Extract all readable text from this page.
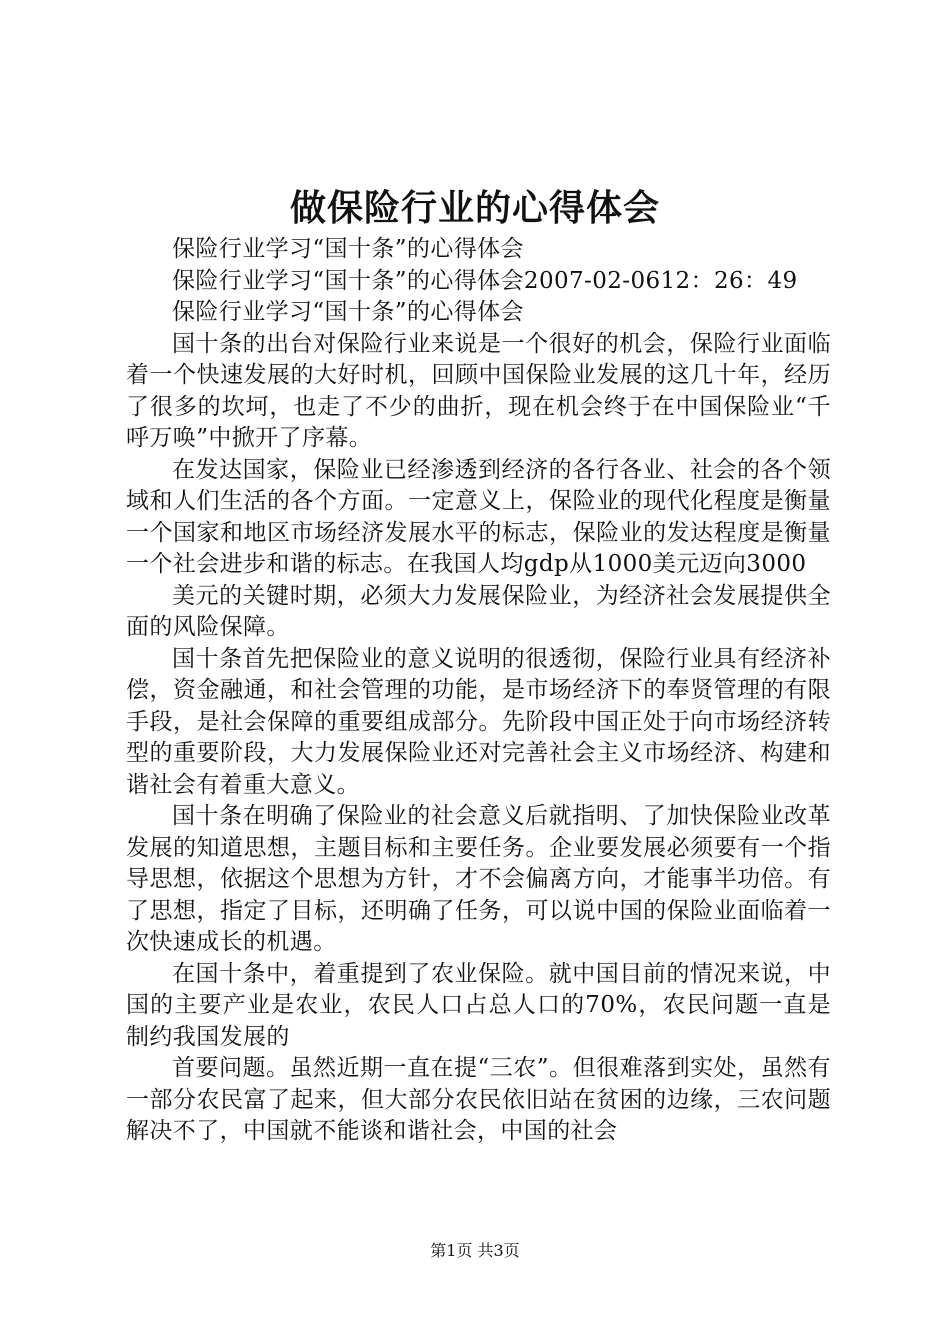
做保险行业的心得体会

保险行业学习“国十条”的心得体会

保险行业学习“国十条”的心得体会2007-02-0612：26：49

保险行业学习“国十条”的心得体会

国十条的出台对保险行业来说是一个很好的机会，保险行业面临着一个快速发展的大好时机，回顾中国保险业发展的这几十年，经历了很多的坎坷，也走了不少的曲折，现在机会终于在中国保险业“千呼万唤”中掀开了序幕。

在发达国家，保险业已经渗透到经济的各行各业、社会的各个领域和人们生活的各个方面。一定意义上，保险业的现代化程度是衡量一个国家和地区市场经济发展水平的标志，保险业的发达程度是衡量一个社会进步和谐的标志。在我国人均gdp从1000美元迈向3000

美元的关键时期，必须大力发展保险业，为经济社会发展提供全面的风险保障。

国十条首先把保险业的意义说明的很透彻，保险行业具有经济补偿，资金融通，和社会管理的功能，是市场经济下的奉贤管理的有限手段，是社会保障的重要组成部分。先阶段中国正处于向市场经济转型的重要阶段，大力发展保险业还对完善社会主义市场经济、构建和谐社会有着重大意义。

国十条在明确了保险业的社会意义后就指明、了加快保险业改革发展的知道思想，主题目标和主要任务。企业要发展必须要有一个指导思想，依据这个思想为方针，才不会偏离方向，才能事半功倍。有了思想，指定了目标，还明确了任务，可以说中国的保险业面临着一次快速成长的机遇。

在国十条中，着重提到了农业保险。就中国目前的情况来说，中国的主要产业是农业，农民人口占总人口的70%，农民问题一直是制约我国发展的

首要问题。虽然近期一直在提“三农”。但很难落到实处，虽然有一部分农民富了起来，但大部分农民依旧站在贫困的边缘，三农问题解决不了，中国就不能谈和谐社会，中国的社会

第1页 共3页
